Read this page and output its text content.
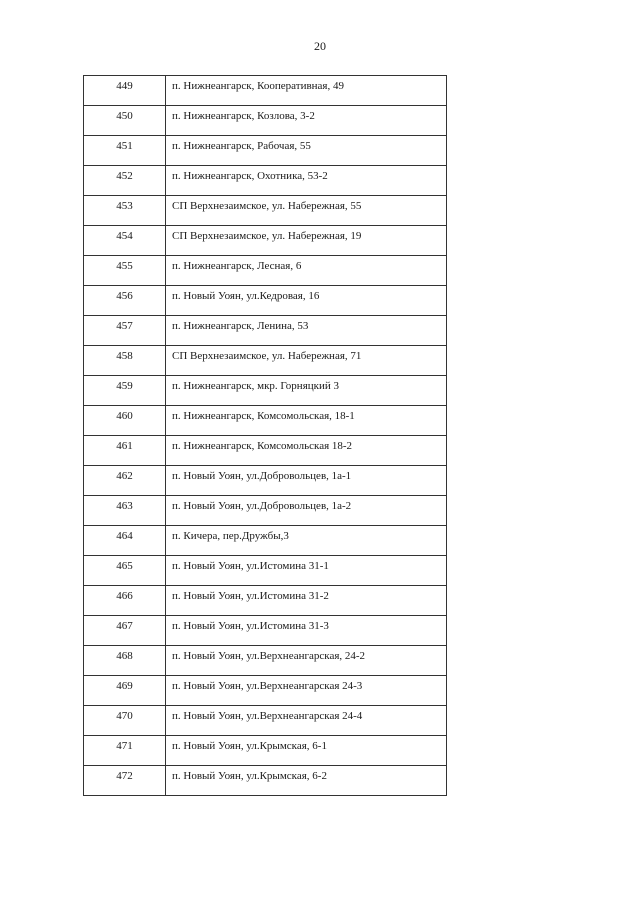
20
449	п. Нижнеангарск, Кооперативная, 49
450	п. Нижнеангарск, Козлова, 3-2
451	п. Нижнеангарск, Рабочая, 55
452	п. Нижнеангарск, Охотника, 53-2
453	СП Верхнезаимское, ул. Набережная, 55
454	СП Верхнезаимское, ул. Набережная, 19
455	п. Нижнеангарск, Лесная, 6
456	п. Новый Уоян, ул.Кедровая, 16
457	п. Нижнеангарск, Ленина, 53
458	СП Верхнезаимское, ул. Набережная, 71
459	п. Нижнеангарск, мкр. Горняцкий 3
460	п. Нижнеангарск, Комсомольская, 18-1
461	п. Нижнеангарск, Комсомольская 18-2
462	п. Новый Уоян, ул.Добровольцев, 1а-1
463	п. Новый Уоян, ул.Добровольцев, 1а-2
464	п. Кичера, пер.Дружбы,3
465	п. Новый Уоян, ул.Истомина 31-1
466	п. Новый Уоян, ул.Истомина 31-2
467	п. Новый Уоян, ул.Истомина 31-3
468	п. Новый Уоян, ул.Верхнеангарская, 24-2
469	п. Новый Уоян, ул.Верхнеангарская 24-3
470	п. Новый Уоян, ул.Верхнеангарская 24-4
471	п. Новый Уоян, ул.Крымская, 6-1
472	п. Новый Уоян, ул.Крымская, 6-2
